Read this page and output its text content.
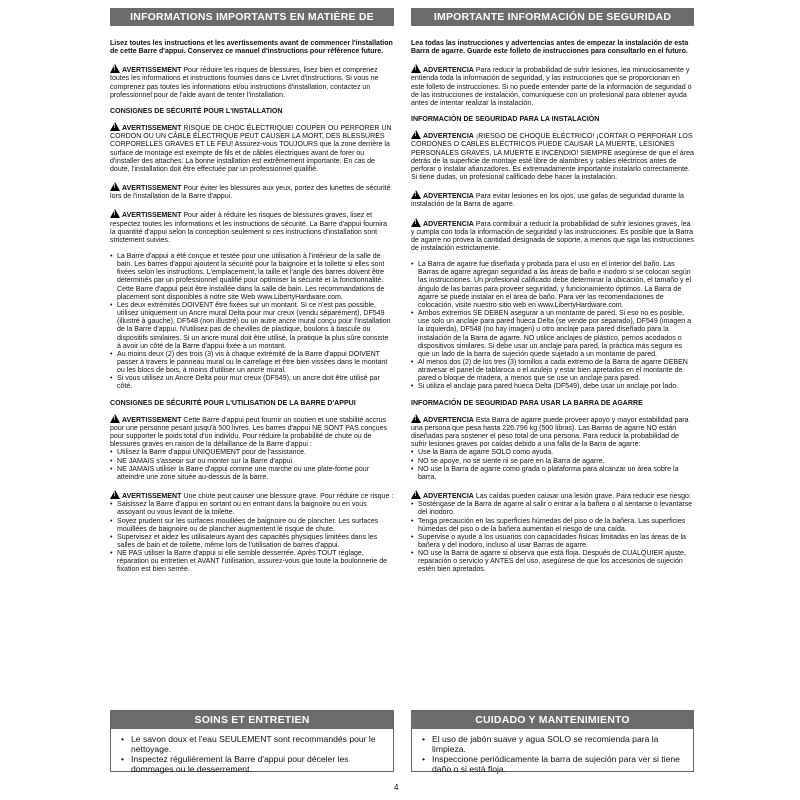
INFORMATIONS IMPORTANTS EN MATIÈRE DE SÉCURITÉ

Lisez toutes les instructions et les avertissements avant de commencer l'installation de cette Barre d'appui. Conservez ce manuel d'instructions pour référence future.

!AVERTISSEMENT Pour réduire les risques de blessures, lisez bien et comprenez toutes les informations et instructions fournies dans ce Livret d'instructions. Si vous ne comprenez pas toutes les informations et/ou instructions d'installation, contactez un professionnel pour de l'aide avant de tenter l'installation.

CONSIGNES DE SÉCURITÉ POUR L'INSTALLATION

!AVERTISSEMENT RISQUE DE CHOC ÉLECTRIQUE! COUPER OU PERFORER UN CORDON OU UN CÂBLE ÉLECTRIQUE PEUT CAUSER LA MORT, DES BLESSURES CORPORELLES GRAVES ET LE FEU! Assurez-vous TOUJOURS que la zone derrière la surface de montage est exempte de fils et de câbles électriques avant de forer ou d'installer des attaches. La bonne installation est extrêmement importante. En cas de doute, l'installation doit être effectuée par un professionnel qualifié.

!AVERTISSEMENT Pour éviter les blessures aux yeux, portez des lunettes de sécurité lors de l'installation de la Barre d'appui.

!AVERTISSEMENT Pour aider à réduire les risques de blessures graves, lisez et respectez toutes les informations et les instructions de sécurité. La Barre d'appui fournira la quantité d'appui selon la conception seulement si ces instructions d'installation sont strictement suivies.

• La Barre d'appui a été conçue et testée pour une utilisation à l'intérieur de la salle de bain. Les barres d'appui ajoutent la sécurité pour la baignoire et la toilette si elles sont fixées selon les instructions. L'emplacement, la taille et l'angle des barres doivent être déterminés par un professionnel qualifié pour optimiser la sécurité et la fonctionnalité. Cette Barre d'appui peut être installée dans la salle de bain. Les recommandations de placement sont disponibles à notre site Web www.LibertyHardware.com.
• Les deux extrémités DOIVENT être fixées sur un montant. Si ce n'est pas possible, utilisez uniquement un Ancre mural Delta pour mur creux (vendu séparément), DF549 (illustré à gauche), DF548 (non illustré) ou un autre ancre mural conçu pour l'installation de la Barre d'appui. N'utilisez pas de chevilles de plastique, boulons à bascule ou dispositifs similaires. Si un ancre mural doit être utilisé, la pratique la plus sûre consiste à avoir un côté de la Barre d'appui fixée à un montant.
• Au moins deux (2) des trois (3) vis à chaque extrémité de la Barre d'appui DOIVENT passer à travers le panneau mural ou le carrelage et être bien vissées dans le montant ou les blocs de bois, à moins d'utiliser un ancre mural.
• Si vous utilisez un Ancre Delta pour mur creux (DF549), un ancre doit être utilisé par côté.

CONSIGNES DE SÉCURITÉ POUR L'UTILISATION DE LA BARRE D'APPUI

!AVERTISSEMENT Cette Barre d'appui peut fournir un soutien et une stabilité accrus pour une personne pesant jusqu'à 500 livres. Les barres d'appui NE SONT PAS conçues pour supporter le poids total d'un individu. Pour réduire la probabilité de chute ou de blessures graves en raison de la défaillance de la Barre d'appui :

• Utilisez la Barre d'appui UNIQUEMENT pour de l'assistance.
• NE JAMAIS s'asseoir sur ou monter sur la Barre d'appui.
• NE JAMAIS utiliser la Barre d'appui comme une marche ou une plate-forme pour atteindre une zone située au-dessus de la barre.

!AVERTISSEMENT Une chute peut causer une blessure grave. Pour réduire ce risque :

• Saisissez la Barre d'appui en sortant ou en entrant dans la baignoire ou en vous assoyant ou vous levant de la toilette.
• Soyez prudent sur les surfaces mouillées de baignoire ou de plancher. Les surfaces mouillées de baignoire ou de plancher augmentent le risque de chute.
• Supervisez et aidez les utilisateurs ayant des capacités physiques limitées dans les salles de bain et de toilette, même lors de l'utilisation de barres d'appui.
• NE PAS utiliser la Barre d'appui si elle semble desserrée. Après TOUT réglage, réparation ou entretien et AVANT l'utilisation, assurez-vous que toute la boulonnerie de fixation est bien serrée.
SOINS ET ENTRETIEN
• Le savon doux et l'eau SEULEMENT sont recommandés pour le nettoyage.
• Inspectez régulièrement la Barre d'appui pour déceler les dommages ou le desserrement.
IMPORTANTE INFORMACIÓN DE SEGURIDAD

Lea todas las instrucciones y advertencias antes de empezar la instalación de esta Barra de agarre. Guarde este folleto de instrucciones para consultarlo en el futuro.

!ADVERTENCIA Para reducir la probabilidad de sufrir lesiones, lea minuciosamente y entienda toda la información de seguridad, y las instrucciones que se proporcionan en este folleto de instrucciones. Si no puede entender parte de la información de seguridad o de las instrucciones de instalación, comuníquese con un profesional para obtener ayuda antes de intentar realizar la instalación.

INFORMACIÓN DE SEGURIDAD PARA LA INSTALACIÓN

!ADVERTENCIA ¡RIESGO DE CHOQUE ELÉCTRICO! ¡CORTAR O PERFORAR LOS CORDONES O CABLES ELÉCTRICOS PUEDE CAUSAR LA MUERTE, LESIONES PERSONALES GRAVES, LA MUERTE E INCENDIO! SIEMPRE asegúrese de que el área detrás de la superficie de montaje esté libre de alambres y cables eléctricos antes de perforar o instalar afianzadores. Es extremadamente importante instalarlo correctamente. Si tiene dudas, un profesional calificado debe hacer la instalación.

!ADVERTENCIA Para evitar lesiones en los ojos, use gafas de seguridad durante la instalación de la Barra de agarre.

!ADVERTENCIA Para contribuir a reducir la probabilidad de sufrir lesiones graves, lea y cumpla con toda la información de seguridad y las instrucciones. Es posible que la Barra de agarre no provea la cantidad designada de soporte, a menos que siga las instrucciones de instalación estrictamente.

• La Barra de agarre fue diseñada y probada para el uso en el interior del baño. Las Barras de agarre agregan seguridad a las áreas de baño e inodoro si se colocan según las instrucciones. Un profesional calificado debe determinar la ubicación, el tamaño y el ángulo de las barras para proveer seguridad, y funcionamiento óptimos. La Barra de agarre se puede instalar en el área de baño. Para ver las recomendaciones de colocación, visite nuestro sitio web en www.LibertyHardware.com.
• Ambos extremos SE DEBEN asegurar a un montante de pared. Si eso no es posible, use solo un anclaje para pared hueca Delta (se vende por separado), DF549 (imagen a la izquierda), DF548 (no hay imagen) u otro anclaje para pared diseñado para la instalación de la Barra de agarre. NO utilice anclajes de plástico, pernos acodados o dispositivos similares. Si debe usar un anclaje para pared, la práctica más segura es que un lado de la barra de sujeción quede sujetado a un montante de pared.
• Al menos dos (2) de los tres (3) tornillos a cada extremo de la Barra de agarre DEBEN atravesar el panel de tablaroca o el azulejo y estar bien apretados en el montante de pared o bloque de madera, a menos que se use un anclaje para pared.
• Si utiliza el anclaje para pared hueca Delta (DF549), debe usar un anclaje por lado.

INFORMACIÓN DE SEGURIDAD PARA USAR LA BARRA DE AGARRE

!ADVERTENCIA Esta Barra de agarre puede proveer apoyo y mayor estabilidad para una persona que pesa hasta 226.796 kg (500 libras). Las Barras de agarre NO están diseñadas para sostener el peso total de una persona. Para reducir la probabilidad de sufrir lesiones graves por caídas debido a una falla de la Barra de agarre:

• Use la Barra de agarre SOLO como ayuda.
• NO se apoye, no se siente ni se pare en la Barra de agarre.
• NO use la Barra de agarre como grada o plataforma para alcanzar un área sobre la barra.

!ADVERTENCIA Las caídas pueden causar una lesión grave. Para reducir ese riesgo:

• Sosténgase de la Barra de agarre al salir o entrar a la bañera o al sentarse o levantarse del inodoro.
• Tenga precaución en las superficies húmedas del piso o de la bañera. Las superficies húmedas del piso o de la bañera aumentan el riesgo de una caída.
• Supervise o ayude a los usuarios con capacidades físicas limitadas en las áreas de la bañera y del inodoro, incluso al usar Barras de agarre.
• NO use la Barra de agarre si observa que está floja. Después de CUALQUIER ajuste, reparación o servicio y ANTES del uso, asegúrese de que los accesorios de sujeción estén bien apretados.
CUIDADO Y MANTENIMIENTO
• El uso de jabón suave y agua SOLO se recomienda para la limpieza.
• Inspeccione periódicamente la barra de sujeción para ver si tiene daño o si está floja.
4
